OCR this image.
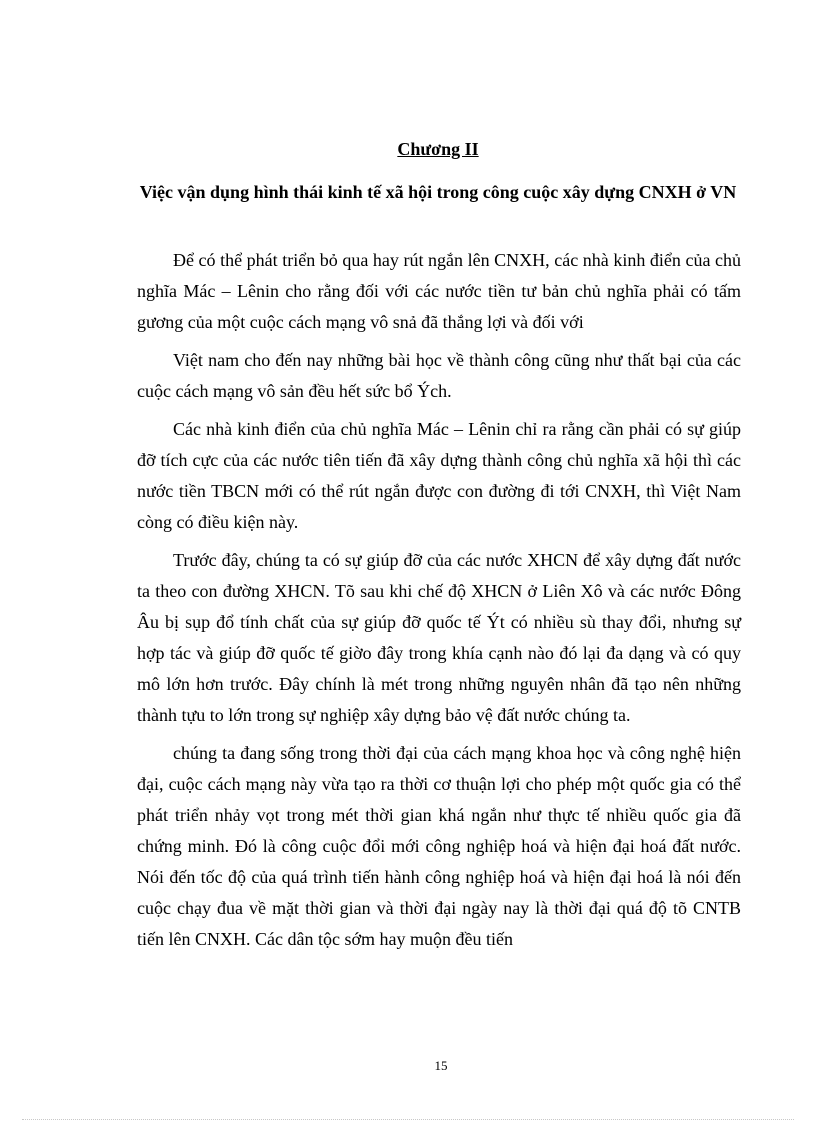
Chương II
Việc vận dụng hình thái kinh tế xã hội trong công cuộc xây dựng CNXH ở VN

Để có thể phát triển bỏ qua hay rút ngắn lên CNXH, các nhà kinh điển của chủ nghĩa Mác – Lênin cho rằng đối với các nước tiền tư bản chủ nghĩa phải có tấm gương của một cuộc cách mạng vô snả đã thắng lợi và đối với

Việt nam cho đến nay những bài học về thành công cũng như thất bại của các cuộc cách mạng vô sản đều hết sức bổ Ých.

Các nhà kinh điển của chủ nghĩa Mác – Lênin chỉ ra rằng cần phải có sự giúp đỡ tích cực của các nước tiên tiến đã xây dựng thành công chủ nghĩa xã hội thì các nước tiền TBCN mới có thể rút ngắn được con đường đi tới CNXH, thì Việt Nam còng có điều kiện này.

Trước đây, chúng ta có sự giúp đỡ của các nước XHCN để xây dựng đất nước ta theo con đường XHCN. Tõ sau khi chế độ XHCN ở Liên Xô và các nước Đông Âu bị sụp đổ tính chất của sự giúp đỡ quốc tế Ýt có nhiều sù thay đổi, nhưng sự hợp tác và giúp đỡ quốc tế giờo đây trong khía cạnh nào đó lại đa dạng và có quy mô lớn hơn trước. Đây chính là mét trong những nguyên nhân đã tạo nên những thành tựu to lớn trong sự nghiệp xây dựng bảo vệ đất nước chúng ta.

chúng ta đang sống trong thời đại của cách mạng khoa học và công nghệ hiện đại, cuộc cách mạng này vừa tạo ra thời cơ thuận lợi cho phép một quốc gia có thể phát triển nhảy vọt trong mét thời gian khá ngắn như thực tế nhiều quốc gia đã chứng minh. Đó là công cuộc đổi mới công nghiệp hoá và hiện đại hoá đất nước. Nói đến tốc độ của quá trình tiến hành công nghiệp hoá và hiện đại hoá là nói đến cuộc chạy đua về mặt thời gian và thời đại ngày nay là thời đại quá độ tõ CNTB tiến lên CNXH. Các dân tộc sớm hay muộn đều tiến

15
